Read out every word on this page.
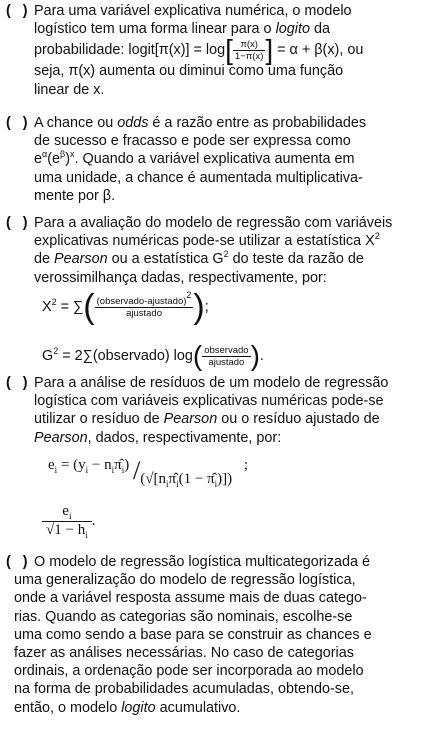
(   ) Para uma variável explicativa numérica, o modelo
logístico tem uma forma linear para o logito da
probabilidade: logit[π(x)] = $\log[ \frac{\pi(x)}{1-\pi(x)}$ ] = α + β(x), ou
seja, π(x) aumenta ou diminui como uma função
linear de x.
(   ) A chance ou odds é a razão entre as probabilidades
de sucesso e fracasso e pode ser expressa como
$e^\alpha(e^\beta)^x$. Quando a variável explicativa aumenta em
uma unidade, a chance é aumentada multiplicativa-
mente por β.
(   ) Para a avaliação do modelo de regressão com variáveis
explicativas numéricas pode-se utilizar a estatística $X^2$
de Pearson ou a estatística $G^2$ do teste da razão de
verossimilhança dadas, respectivamente, por:
$X^2$ = ∑( $\frac{(observado-ajustado)^2}{\text{ajustado}}$ );
$G^2$ = 2∑(observado) $\log( \frac{\text{observado}}{\text{ajustado}}$ ).
(   ) Para a análise de resíduos de um modelo de regressão
logística com variáveis explicativas numéricas pode-se
utilizar o resíduo de Pearson ou o resíduo ajustado de
Pearson, dados, respectivamente, por:
$e_i = (y_i$ − $n_i\pî_i$) $/(√[n_i\pî_i(1$ − $\pî_i$)]) ;
$\frac{e_i}{√1 - h_i}$ .
(   ) O modelo de regressão logística multicategorizada é
uma generalização do modelo de regressão logística,
onde a variável resposta assume mais de duas catego-
rias. Quando as categorias são nominais, escolhe-se
uma como sendo a base para se construir as chances e
fazer as análises necessárias. No caso de categorias
ordinais, a ordenação pode ser incorporada ao modelo
na forma de probabilidades acumuladas, obtendo-se,
então, o modelo logito acumulativo.
